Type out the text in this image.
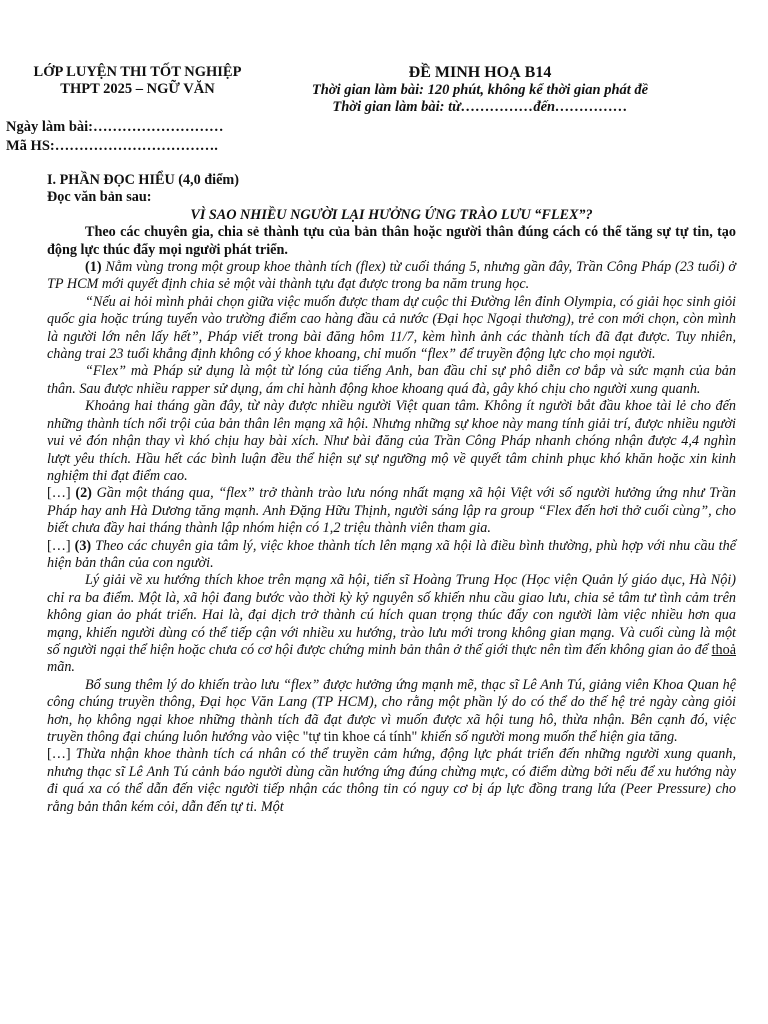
LỚP LUYỆN THI TỐT NGHIỆP
THPT 2025 – NGỮ VĂN
ĐỀ MINH HOẠ B14
Thời gian làm bài: 120 phút, không kể thời gian phát đề
Thời gian làm bài: từ……………đến……………
Ngày làm bài:………………………
Mã HS:…………………………….

I. PHẦN ĐỌC HIỂU (4,0 điểm)

Đọc văn bản sau:

VÌ SAO NHIỀU NGƯỜI LẠI HƯỞNG ỨNG TRÀO LƯU “FLEX”?

Theo các chuyên gia, chia sẻ thành tựu của bản thân hoặc người thân đúng cách có thể tăng sự tự tin, tạo động lực thúc đẩy mọi người phát triển.

(1) Nằm vùng trong một group khoe thành tích (flex) từ cuối tháng 5, nhưng gần đây, Trần Công Pháp (23 tuổi) ở TP HCM mới quyết định chia sẻ một vài thành tựu đạt được trong ba năm trung học.

“Nếu ai hỏi mình phải chọn giữa việc muốn được tham dự cuộc thi Đường lên đỉnh Olympia, có giải học sinh giỏi quốc gia hoặc trúng tuyển vào trường điểm cao hàng đầu cả nước (Đại học Ngoại thương), trẻ con mới chọn, còn mình là người lớn nên lấy hết”, Pháp viết trong bài đăng hôm 11/7, kèm hình ảnh các thành tích đã đạt được. Tuy nhiên, chàng trai 23 tuổi khẳng định không có ý khoe khoang, chỉ muốn “flex” để truyền động lực cho mọi người.

“Flex” mà Pháp sử dụng là một từ lóng của tiếng Anh, ban đầu chỉ sự phô diễn cơ bắp và sức mạnh của bản thân. Sau được nhiều rapper sử dụng, ám chỉ hành động khoe khoang quá đà, gây khó chịu cho người xung quanh.

Khoảng hai tháng gần đây, từ này được nhiều người Việt quan tâm. Không ít người bắt đầu khoe tài lẻ cho đến những thành tích nổi trội của bản thân lên mạng xã hội. Nhưng những sự khoe này mang tính giải trí, được nhiều người vui vẻ đón nhận thay vì khó chịu hay bài xích. Như bài đăng của Trần Công Pháp nhanh chóng nhận được 4,4 nghìn lượt yêu thích. Hầu hết các bình luận đều thể hiện sự sự ngưỡng mộ về quyết tâm chinh phục khó khăn hoặc xin kinh nghiệm thi đạt điểm cao.

[…] (2) Gần một tháng qua, “flex” trở thành trào lưu nóng nhất mạng xã hội Việt với số người hưởng ứng như Trần Pháp hay anh Hà Dương tăng mạnh. Anh Đặng Hữu Thịnh, người sáng lập ra group “Flex đến hơi thở cuối cùng”, cho biết chưa đầy hai tháng thành lập nhóm hiện có 1,2 triệu thành viên tham gia.

[…] (3) Theo các chuyên gia tâm lý, việc khoe thành tích lên mạng xã hội là điều bình thường, phù hợp với nhu cầu thể hiện bản thân của con người.

Lý giải về xu hướng thích khoe trên mạng xã hội, tiến sĩ Hoàng Trung Học (Học viện Quản lý giáo dục, Hà Nội) chỉ ra ba điểm. Một là, xã hội đang bước vào thời kỳ kỷ nguyên số khiến nhu cầu giao lưu, chia sẻ tâm tư tình cảm trên không gian ảo phát triển. Hai là, đại dịch trở thành cú hích quan trọng thúc đẩy con người làm việc nhiều hơn qua mạng, khiến người dùng có thể tiếp cận với nhiều xu hướng, trào lưu mới trong không gian mạng. Và cuối cùng là một số người ngại thể hiện hoặc chưa có cơ hội được chứng minh bản thân ở thế giới thực nên tìm đến không gian ảo để thoả mãn.

Bổ sung thêm lý do khiến trào lưu “flex” được hưởng ứng mạnh mẽ, thạc sĩ Lê Anh Tú, giảng viên Khoa Quan hệ công chúng truyền thông, Đại học Văn Lang (TP HCM), cho rằng một phần lý do có thể do thế hệ trẻ ngày càng giỏi hơn, họ không ngại khoe những thành tích đã đạt được vì muốn được xã hội tung hô, thừa nhận. Bên cạnh đó, việc truyền thông đại chúng luôn hướng vào việc "tự tin khoe cá tính" khiến số người mong muốn thể hiện gia tăng.

[…] Thừa nhận khoe thành tích cá nhân có thể truyền cảm hứng, động lực phát triển đến những người xung quanh, nhưng thạc sĩ Lê Anh Tú cảnh báo người dùng cần hướng ứng đúng chừng mực, có điểm dừng bởi nếu để xu hướng này đi quá xa có thể dẫn đến việc người tiếp nhận các thông tin có nguy cơ bị áp lực đồng trang lứa (Peer Pressure) cho rằng bản thân kém cỏi, dẫn đến tự ti. Một
